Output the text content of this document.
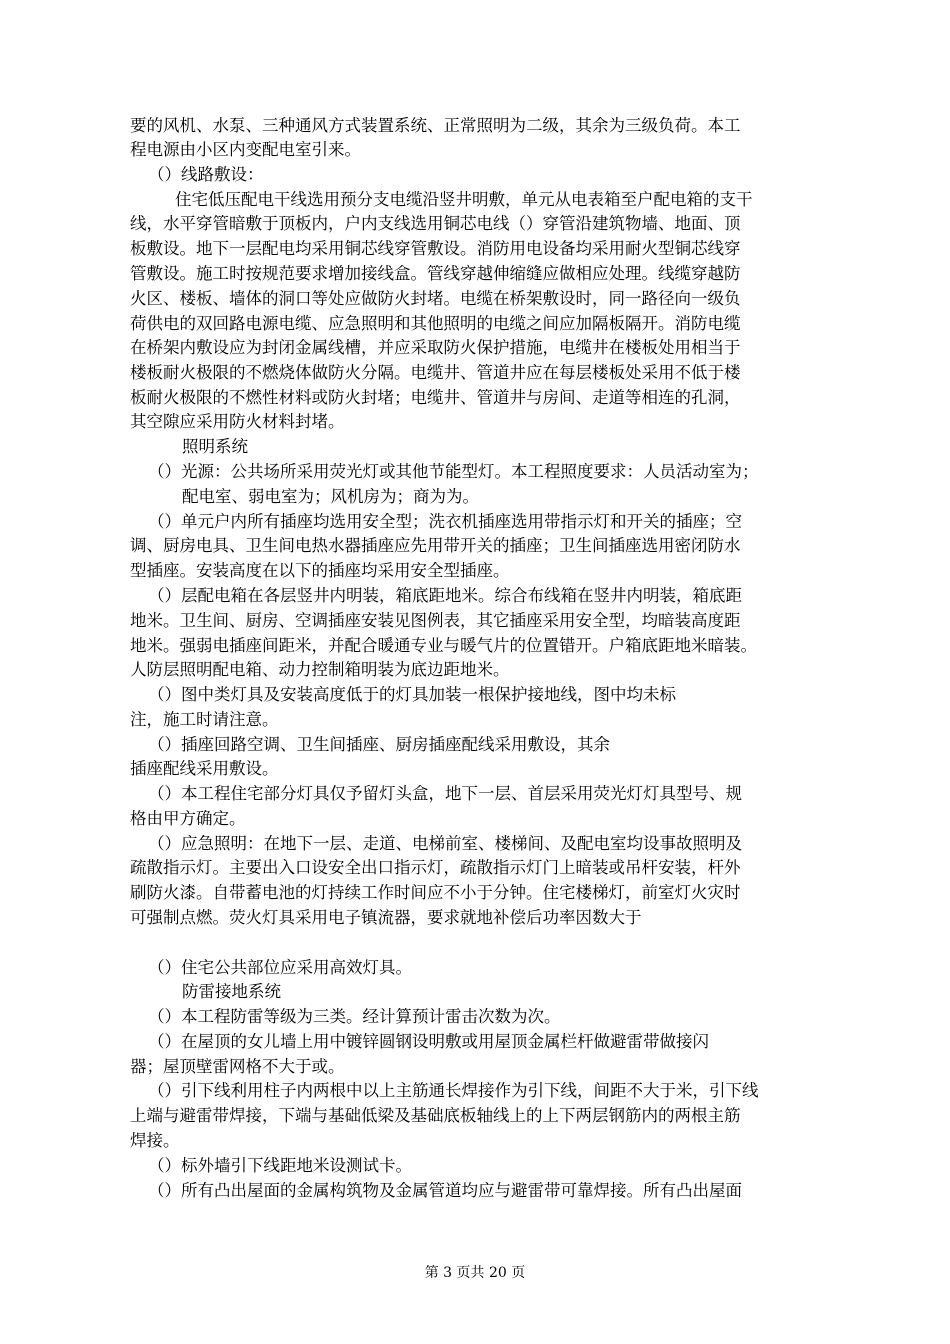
要的风机、水泵、三种通风方式装置系统、正常照明为二级，其余为三级负荷。本工
程电源由小区内变配电室引来。
（）线路敷设：
住宅低压配电干线选用预分支电缆沿竖井明敷，单元从电表箱至户配电箱的支干
线，水平穿管暗敷于顶板内，户内支线选用铜芯电线（）穿管沿建筑物墙、地面、顶
板敷设。地下一层配电均采用铜芯线穿管敷设。消防用电设备均采用耐火型铜芯线穿
管敷设。施工时按规范要求增加接线盒。管线穿越伸缩缝应做相应处理。线缆穿越防
火区、楼板、墙体的洞口等处应做防火封堵。电缆在桥架敷设时，同一路径向一级负
荷供电的双回路电源电缆、应急照明和其他照明的电缆之间应加隔板隔开。消防电缆
在桥架内敷设应为封闭金属线槽，并应采取防火保护措施，电缆井在楼板处用相当于
楼板耐火极限的不燃烧体做防火分隔。电缆井、管道井应在每层楼板处采用不低于楼
板耐火极限的不燃性材料或防火封堵；电缆井、管道井与房间、走道等相连的孔洞，
其空隙应采用防火材料封堵。
照明系统
（）光源：公共场所采用荧光灯或其他节能型灯。本工程照度要求：人员活动室为；
配电室、弱电室为；风机房为；商为为。
（）单元户内所有插座均选用安全型；洗衣机插座选用带指示灯和开关的插座；空
调、厨房电具、卫生间电热水器插座应先用带开关的插座；卫生间插座选用密闭防水
型插座。安装高度在以下的插座均采用安全型插座。
（）层配电箱在各层竖井内明装，箱底距地米。综合布线箱在竖井内明装，箱底距
地米。卫生间、厨房、空调插座安装见图例表，其它插座采用安全型，均暗装高度距
地米。强弱电插座间距米，并配合暖通专业与暖气片的位置错开。户箱底距地米暗装。
人防层照明配电箱、动力控制箱明装为底边距地米。
（）图中类灯具及安装高度低于的灯具加装一根保护接地线，图中均未标
注，施工时请注意。
（）插座回路空调、卫生间插座、厨房插座配线采用敷设，其余
插座配线采用敷设。
（）本工程住宅部分灯具仅予留灯头盒，地下一层、首层采用荧光灯灯具型号、规
格由甲方确定。
（）应急照明：在地下一层、走道、电梯前室、楼梯间、及配电室均设事故照明及
疏散指示灯。主要出入口设安全出口指示灯，疏散指示灯门上暗装或吊杆安装，杆外
刷防火漆。自带蓄电池的灯持续工作时间应不小于分钟。住宅楼梯灯，前室灯火灾时
可强制点燃。荧火灯具采用电子镇流器，要求就地补偿后功率因数大于
（）住宅公共部位应采用高效灯具。
防雷接地系统
（）本工程防雷等级为三类。经计算预计雷击次数为次。
（）在屋顶的女儿墙上用中镀锌圆钢设明敷或用屋顶金属栏杆做避雷带做接闪
器；屋顶壁雷网格不大于或。
（）引下线利用柱子内两根中以上主筋通长焊接作为引下线，间距不大于米，引下线
上端与避雷带焊接，下端与基础低梁及基础底板轴线上的上下两层钢筋内的两根主筋
焊接。
（）标外墙引下线距地米设测试卡。
（）所有凸出屋面的金属构筑物及金属管道均应与避雷带可靠焊接。所有凸出屋面
第 3 页共 20 页
